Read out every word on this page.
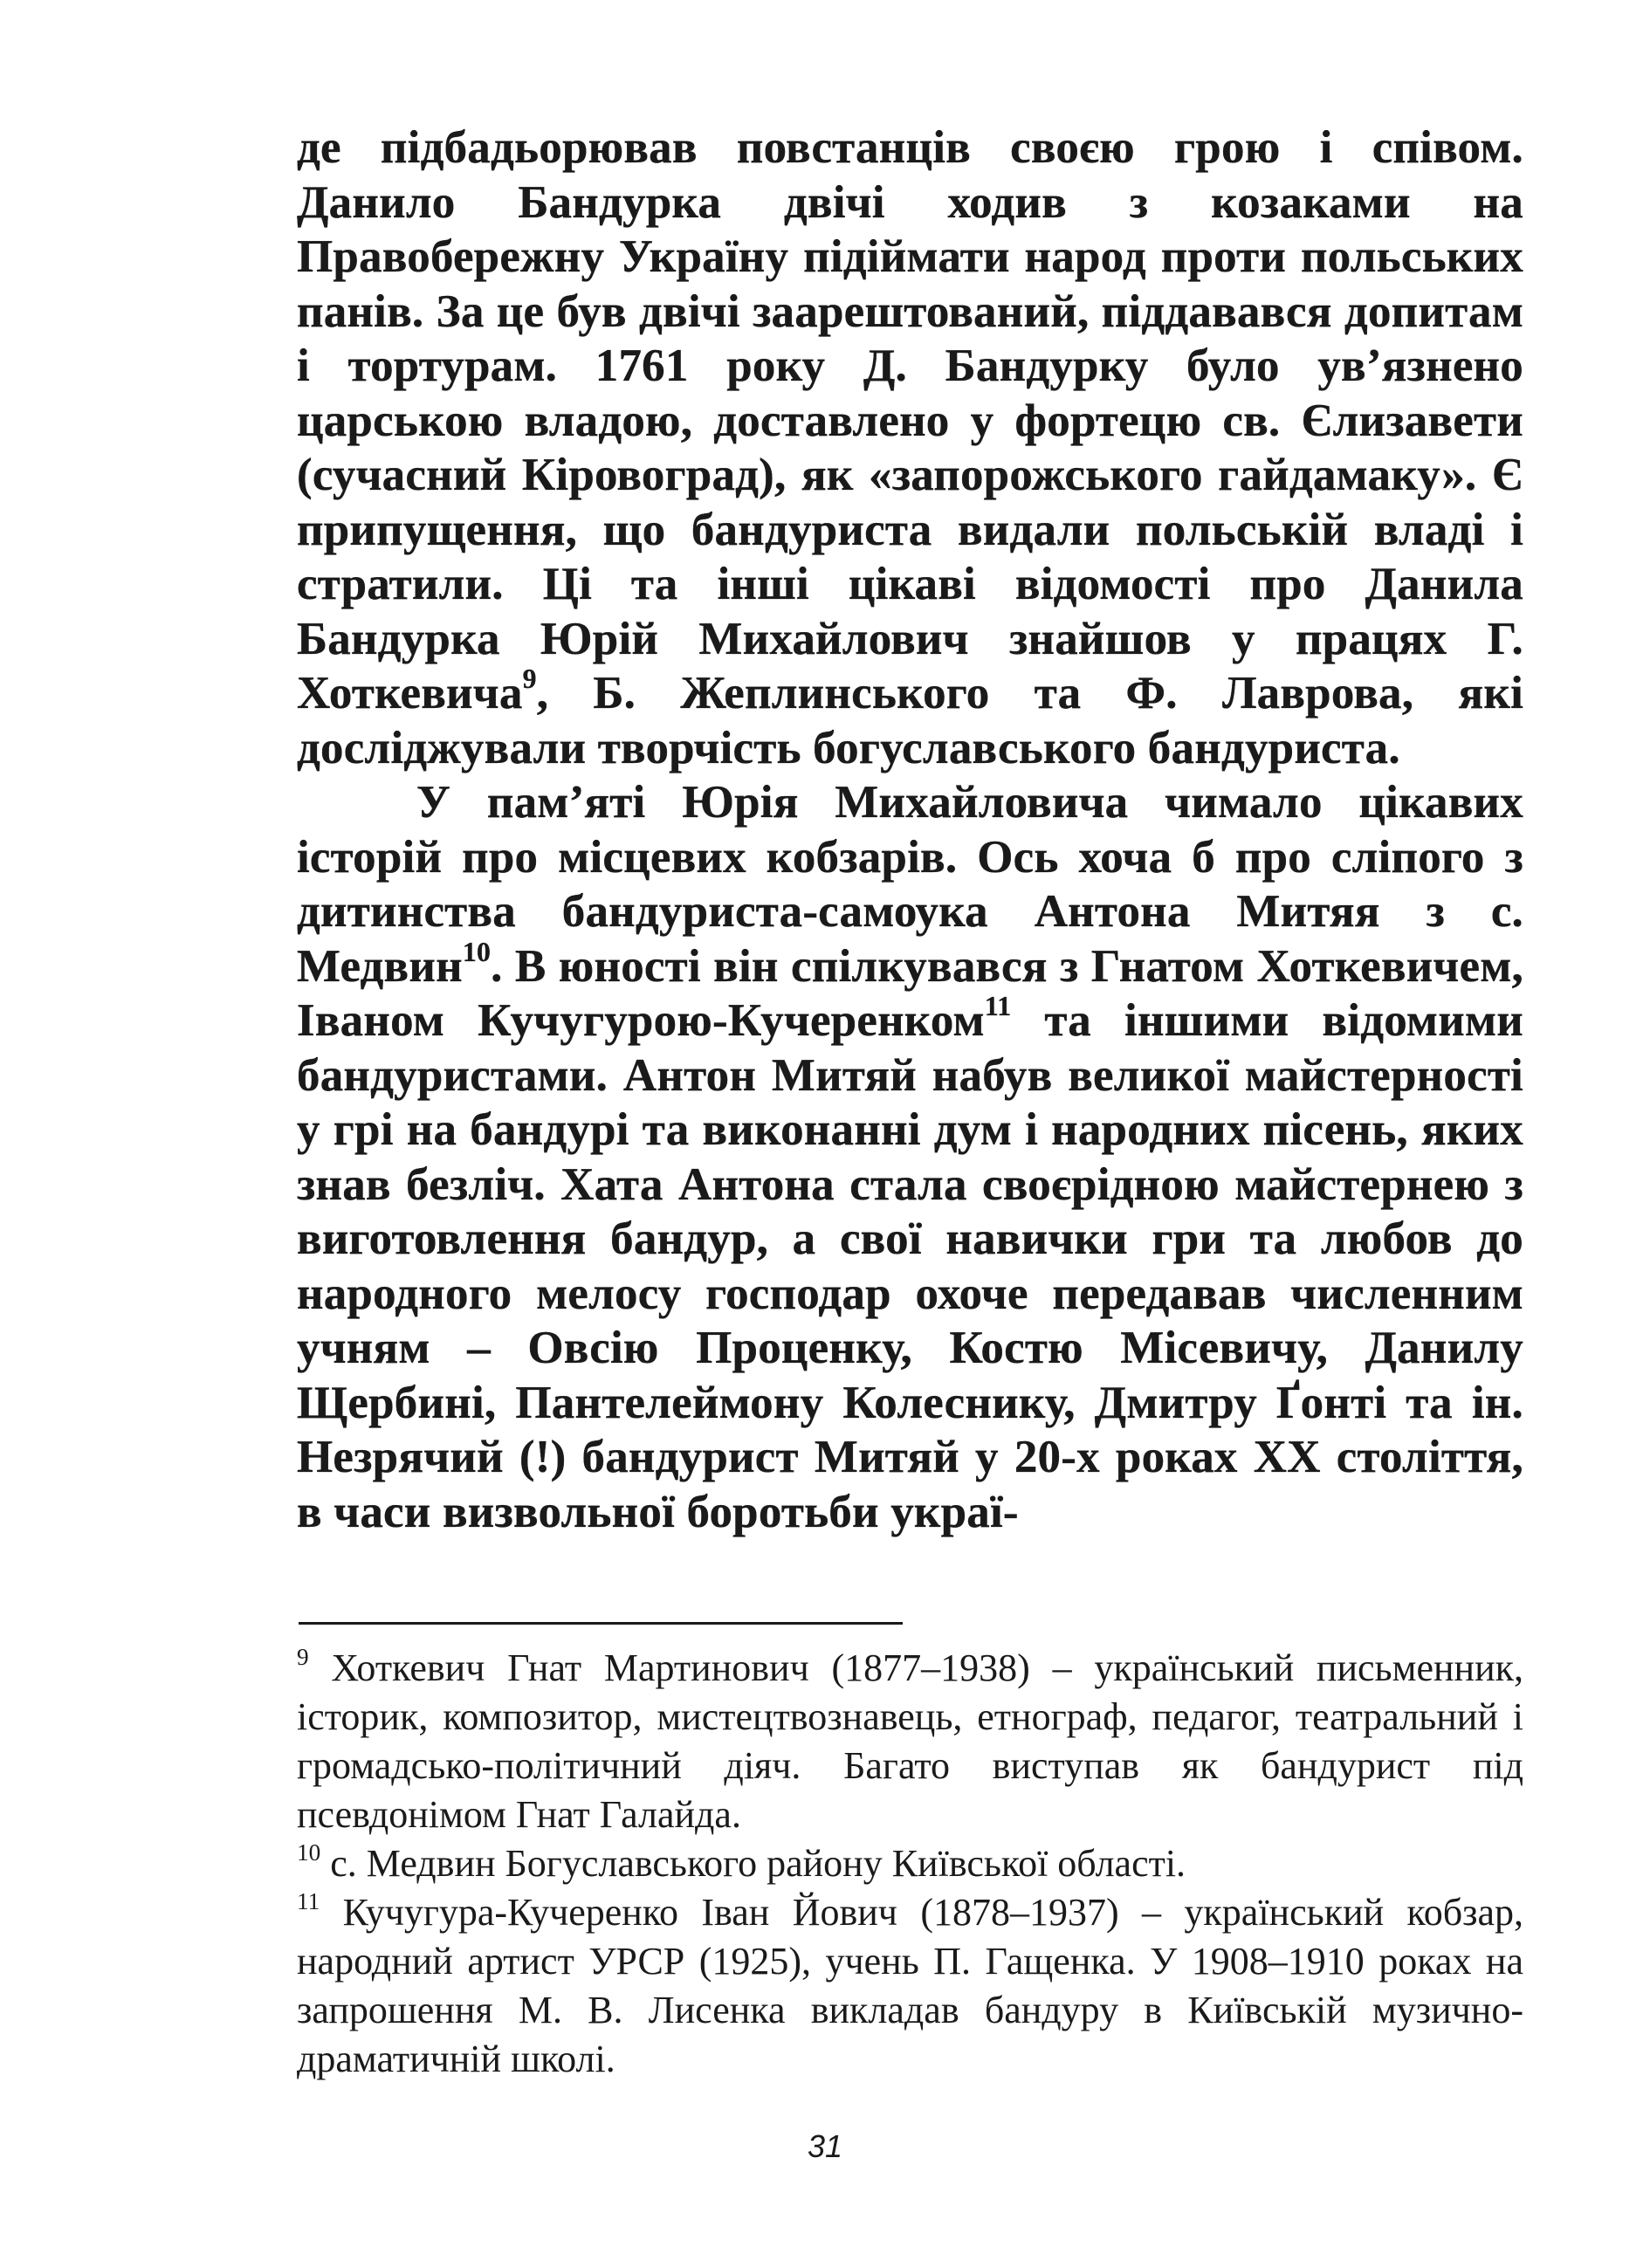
де підбадьорював повстанців своєю грою і співом. Данило Бандурка двічі ходив з козаками на Правобережну Україну підіймати народ проти польських панів. За це був двічі заарештований, піддавався допитам і тортурам. 1761 року Д. Бандурку було ув’язнено царською владою, доставлено у фортецю св. Єлизавети (сучасний Кіровоград), як «запорожського гайдамаку». Є припущення, що бандуриста видали польській владі і стратили. Ці та інші цікаві відомості про Данила Бандурка Юрій Михайлович знайшов у працях Г. Хоткевича$^9$, Б. Жеплинського та Ф. Лаврова, які досліджували творчість богуславського бандуриста.

У пам’яті Юрія Михайловича чимало цікавих історій про місцевих кобзарів. Ось хоча б про сліпого з дитинства бандуриста-самоука Антона Митяя з с. Медвин$^{10}$. В юності він спілкувався з Гнатом Хоткевичем, Іваном Кучугурою-Кучеренком$^{11}$ та іншими відомими бандуристами. Антон Митяй набув великої майстерності у грі на бандурі та виконанні дум і народних пісень, яких знав безліч. Хата Антона стала своєрідною майстернею з виготовлення бандур, а свої навички гри та любов до народного мелосу господар охоче передавав численним учням – Овсію Проценку, Костю Місевичу, Данилу Щербині, Пантелеймону Колеснику, Дмитру Ґонті та ін. Незрячий (!) бандурист Митяй у 20-х роках XX століття, в часи визвольної боротьби украї-

$^9$ Хоткевич Гнат Мартинович (1877–1938) – український письменник, історик, композитор, мистецтвознавець, етнограф, педагог, театральний і громадсько-політичний діяч. Багато виступав як бандурист під псевдонімом Гнат Галайда.

$^{10}$ с. Медвин Богуславського району Київської області.

$^{11}$ Кучугура-Кучеренко Іван Йович (1878–1937) – український кобзар, народний артист УРСР (1925), учень П. Гащенка. У 1908–1910 роках на запрошення М. В. Лисенка викладав бандуру в Київській музично-драматичній школі.

31
